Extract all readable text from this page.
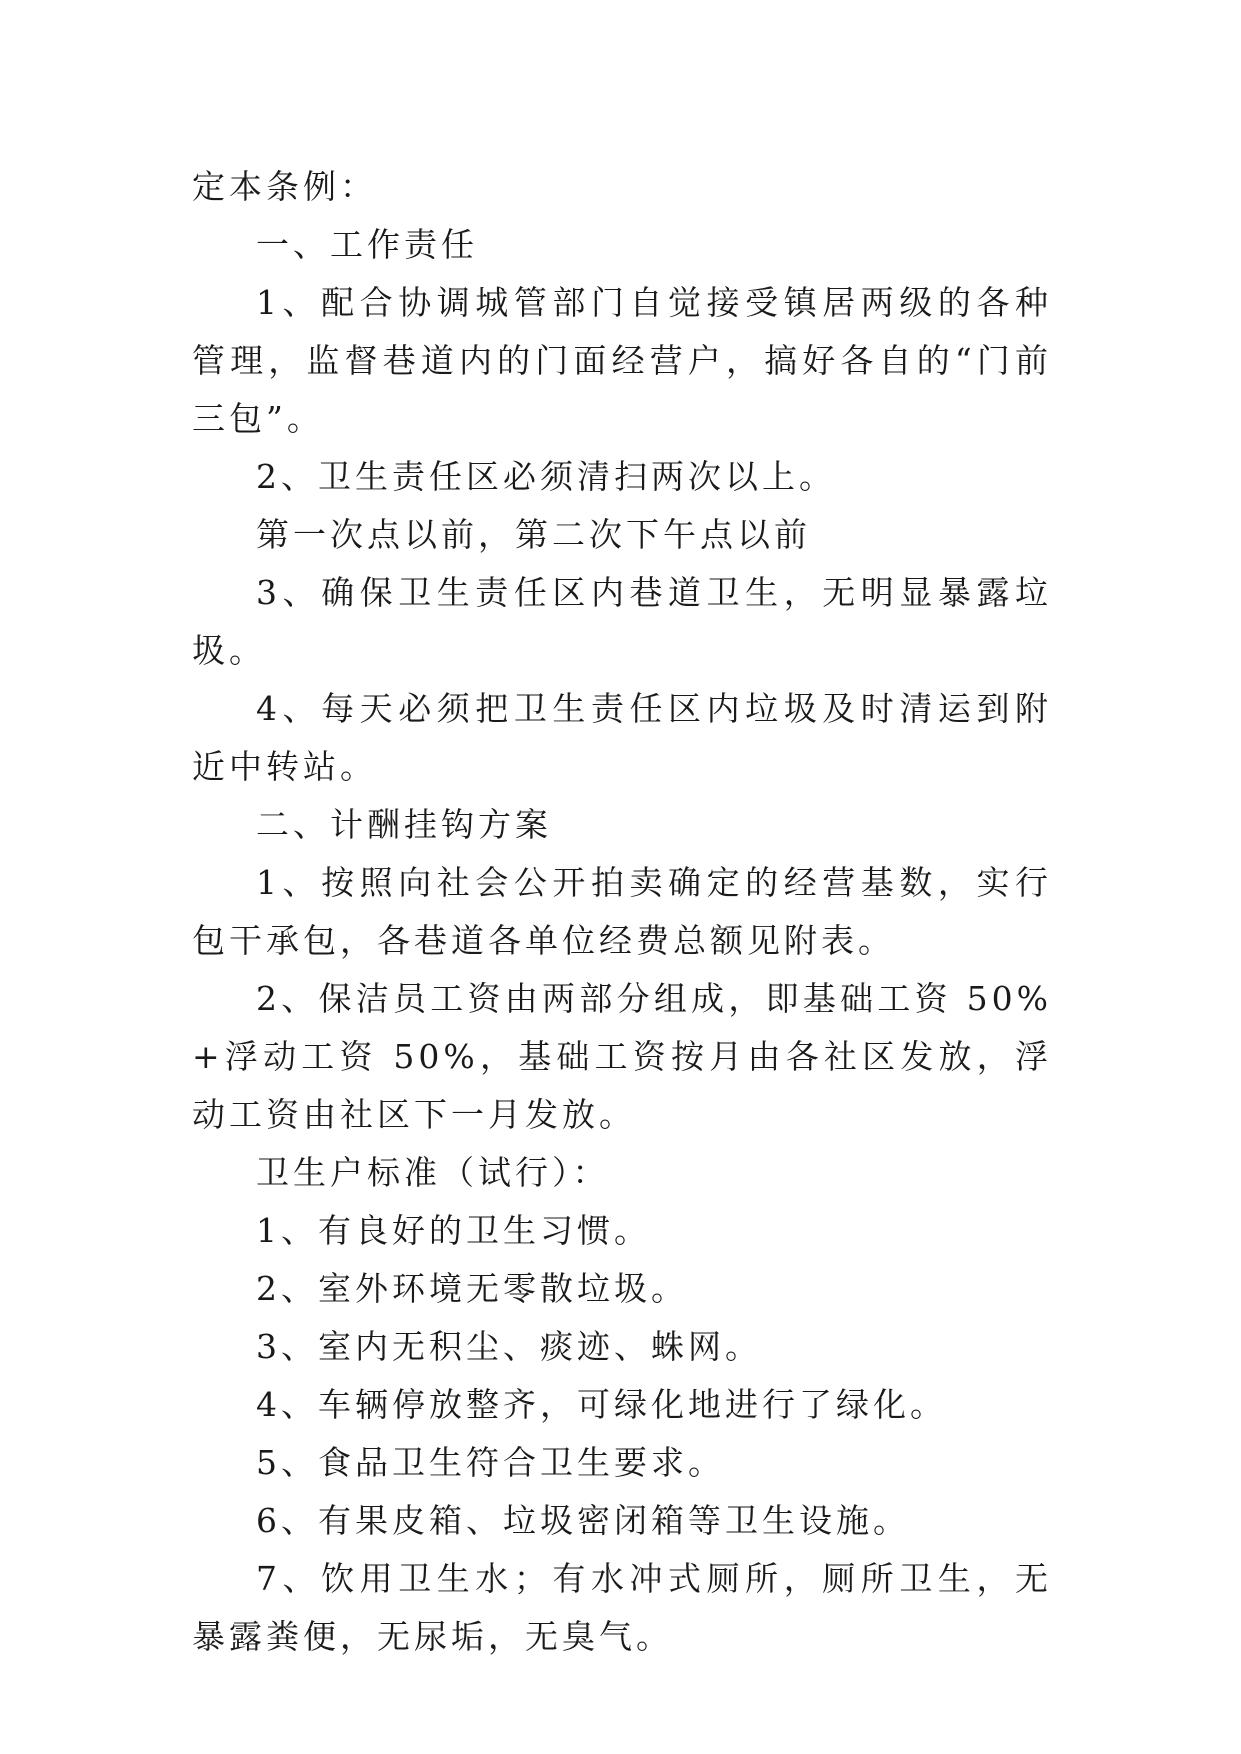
定本条例：

一、工作责任

1、配合协调城管部门自觉接受镇居两级的各种管理，监督巷道内的门面经营户，搞好各自的“门前三包”。

2、卫生责任区必须清扫两次以上。

第一次点以前，第二次下午点以前

3、确保卫生责任区内巷道卫生，无明显暴露垃圾。

4、每天必须把卫生责任区内垃圾及时清运到附近中转站。

二、计酬挂钩方案

1、按照向社会公开拍卖确定的经营基数，实行包干承包，各巷道各单位经费总额见附表。

2、保洁员工资由两部分组成，即基础工资 50%+浮动工资 50%，基础工资按月由各社区发放，浮动工资由社区下一月发放。

卫生户标准（试行）：

1、有良好的卫生习惯。

2、室外环境无零散垃圾。

3、室内无积尘、痰迹、蛛网。

4、车辆停放整齐，可绿化地进行了绿化。

5、食品卫生符合卫生要求。

6、有果皮箱、垃圾密闭箱等卫生设施。

7、饮用卫生水；有水冲式厕所，厕所卫生，无暴露粪便，无尿垢，无臭气。
